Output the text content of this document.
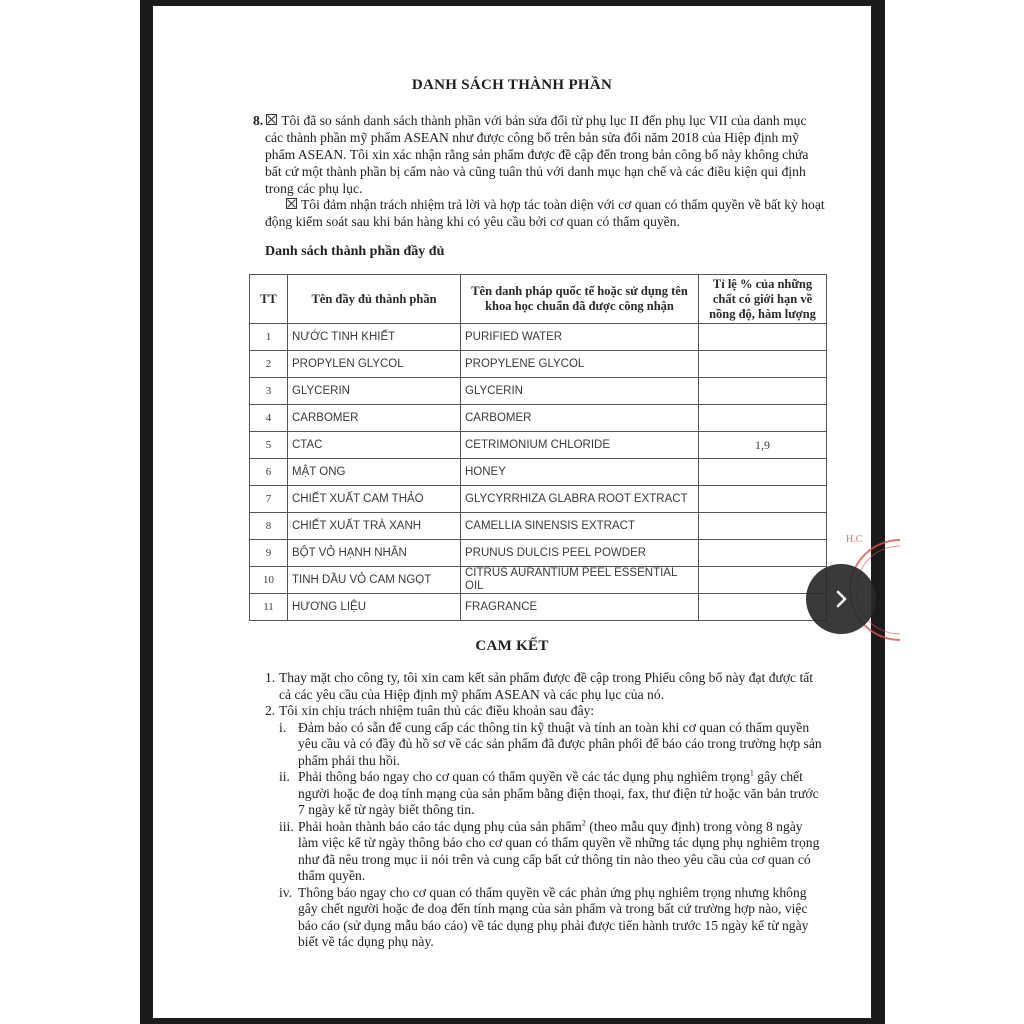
DANH SÁCH THÀNH PHẦN
8. Tôi đã so sánh danh sách thành phần với bản sửa đổi từ phụ lục II đến phụ lục VII của danh mục các thành phần mỹ phẩm ASEAN như được công bố trên bản sửa đổi năm 2018 của Hiệp định mỹ phẩm ASEAN. Tôi xin xác nhận rằng sản phẩm được đề cập đến trong bản công bố này không chứa bất cứ một thành phần bị cấm nào và cũng tuân thủ với danh mục hạn chế và các điều kiện qui định trong các phụ lục.
Tôi đảm nhận trách nhiệm trả lời và hợp tác toàn diện với cơ quan có thẩm quyền về bất kỳ hoạt động kiểm soát sau khi bán hàng khi có yêu cầu bởi cơ quan có thẩm quyền.
Danh sách thành phần đầy đủ
TT	Tên đầy đủ thành phần	Tên danh pháp quốc tế hoặc sử dụng tên khoa học chuẩn đã được công nhận	Tỉ lệ % của những chất có giới hạn về nồng độ, hàm lượng
1	NƯỚC TINH KHIẾT	PURIFIED WATER	
2	PROPYLEN GLYCOL	PROPYLENE GLYCOL	
3	GLYCERIN	GLYCERIN	
4	CARBOMER	CARBOMER	
5	CTAC	CETRIMONIUM CHLORIDE	1,9
6	MẬT ONG	HONEY	
7	CHIẾT XUẤT CAM THẢO	GLYCYRRHIZA GLABRA ROOT EXTRACT	
8	CHIẾT XUẤT TRÀ XANH	CAMELLIA SINENSIS EXTRACT	
9	BỘT VỎ HẠNH NHÂN	PRUNUS DULCIS PEEL POWDER	
10	TINH DẦU VỎ CAM NGỌT	CITRUS AURANTIUM PEEL ESSENTIAL OIL	
11	HƯƠNG LIỆU	FRAGRANCE	
CAM KẾT

1. Thay mặt cho công ty, tôi xin cam kết sản phẩm được đề cập trong Phiếu công bố này đạt được tất cả các yêu cầu của Hiệp định mỹ phẩm ASEAN và các phụ lục của nó.

2. Tôi xin chịu trách nhiệm tuân thủ các điều khoản sau đây:

i. Đảm bảo có sẵn để cung cấp các thông tin kỹ thuật và tính an toàn khi cơ quan có thẩm quyền yêu cầu và có đầy đủ hồ sơ về các sản phẩm đã được phân phối để báo cáo trong trường hợp sản phẩm phải thu hồi.

ii. Phải thông báo ngay cho cơ quan có thẩm quyền về các tác dụng phụ nghiêm trọng$^1$ gây chết người hoặc đe doạ tính mạng của sản phẩm bằng điện thoại, fax, thư điện tử hoặc văn bản trước 7 ngày kể từ ngày biết thông tin.

iii. Phải hoàn thành báo cáo tác dụng phụ của sản phẩm$^2$ (theo mẫu quy định) trong vòng 8 ngày làm việc kể từ ngày thông báo cho cơ quan có thẩm quyền về những tác dụng phụ nghiêm trọng như đã nêu trong mục ii nói trên và cung cấp bất cứ thông tin nào theo yêu cầu của cơ quan có thẩm quyền.

iv. Thông báo ngay cho cơ quan có thẩm quyền về các phản ứng phụ nghiêm trọng nhưng không gây chết người hoặc đe doạ đến tính mạng của sản phẩm và trong bất cứ trường hợp nào, việc báo cáo (sử dụng mẫu báo cáo) về tác dụng phụ phải được tiến hành trước 15 ngày kể từ ngày biết về tác dụng phụ này.

H.C
